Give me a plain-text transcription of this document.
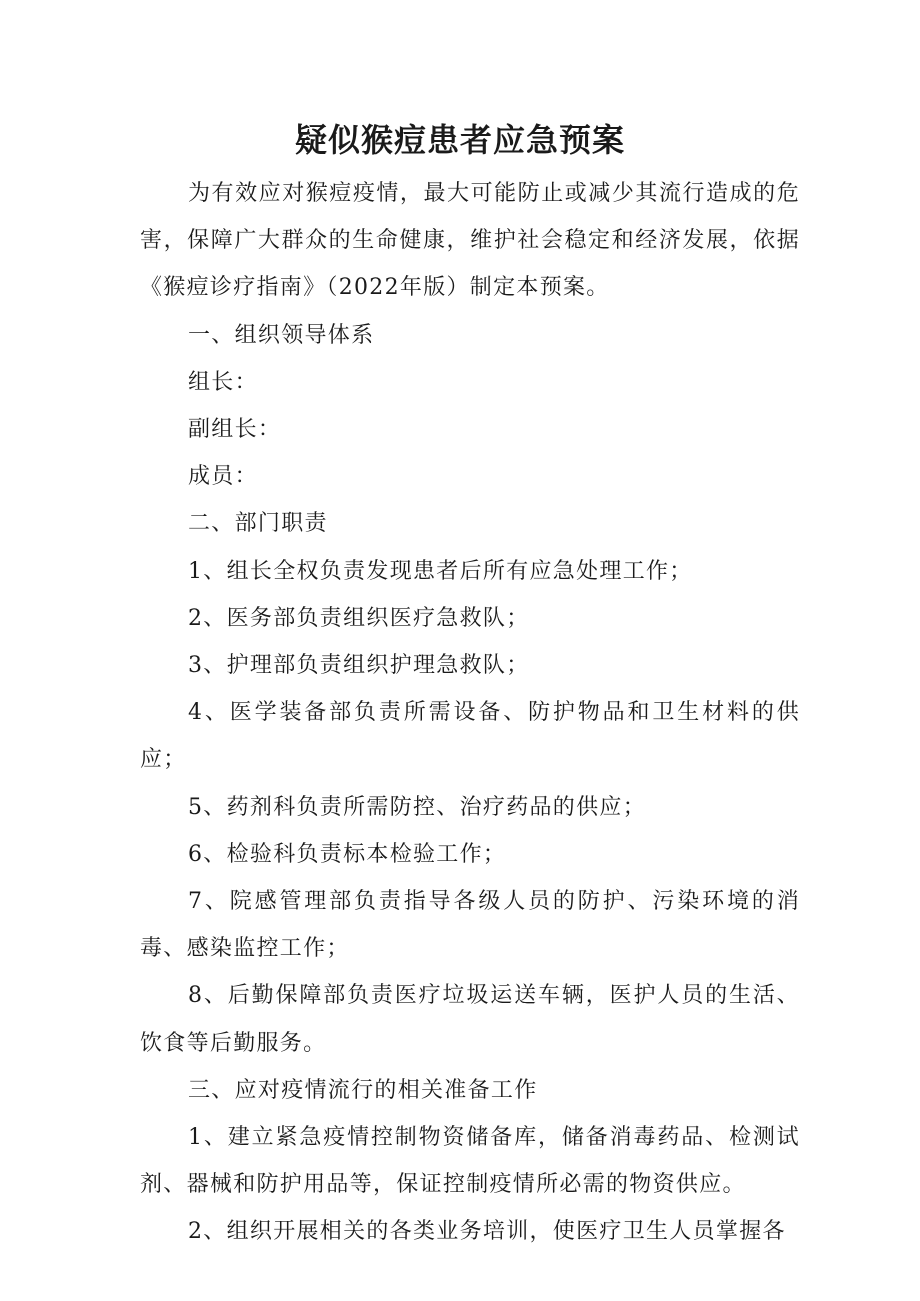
疑似猴痘患者应急预案

为有效应对猴痘疫情，最大可能防止或减少其流行造成的危害，保障广大群众的生命健康，维护社会稳定和经济发展，依据《猴痘诊疗指南》（2022年版）制定本预案。

一、组织领导体系

组长：

副组长：

成员：

二、部门职责

1、组长全权负责发现患者后所有应急处理工作；

2、医务部负责组织医疗急救队；

3、护理部负责组织护理急救队；

4、医学装备部负责所需设备、防护物品和卫生材料的供应；

5、药剂科负责所需防控、治疗药品的供应；

6、检验科负责标本检验工作；

7、院感管理部负责指导各级人员的防护、污染环境的消毒、感染监控工作；

8、后勤保障部负责医疗垃圾运送车辆，医护人员的生活、饮食等后勤服务。

三、应对疫情流行的相关准备工作

1、建立紧急疫情控制物资储备库，储备消毒药品、检测试剂、器械和防护用品等，保证控制疫情所必需的物资供应。

2、组织开展相关的各类业务培训，使医疗卫生人员掌握各
